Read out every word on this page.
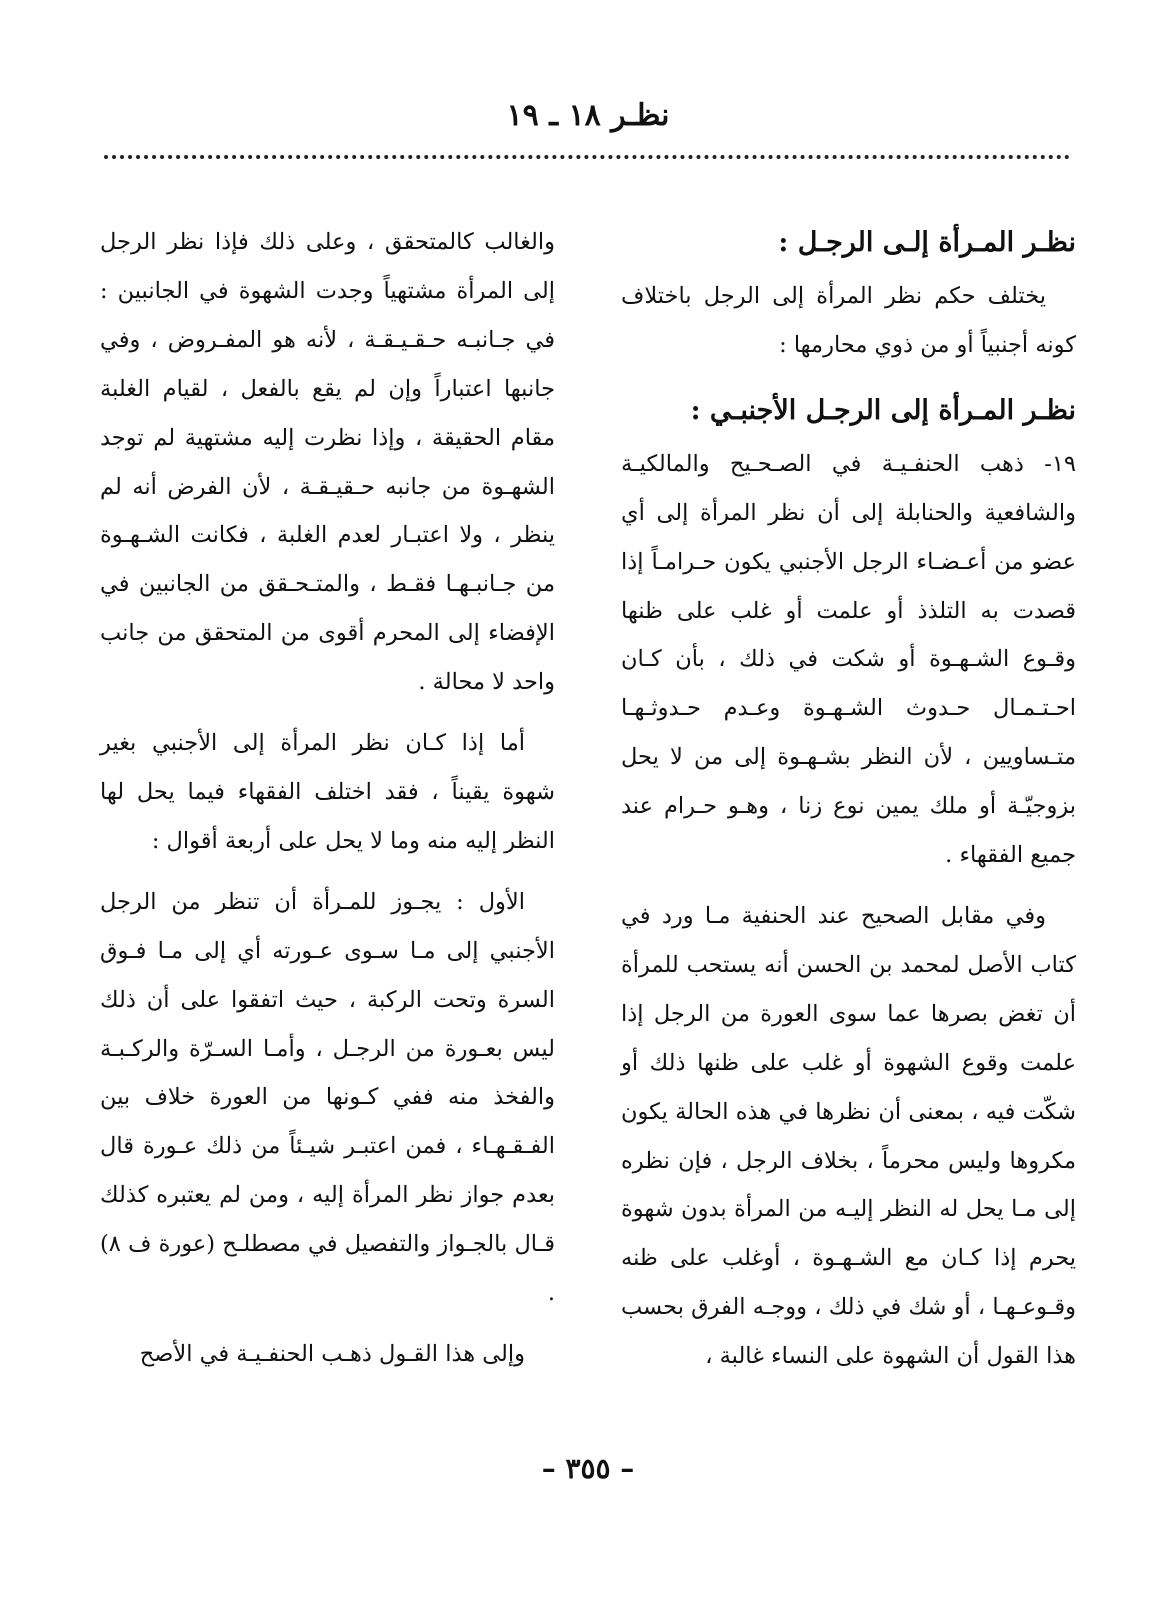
نظـر ١٨ ـ ١٩
نظـر المـرأة إلـى الرجـل :

يختلف حكم نظر المرأة إلى الرجل باختلاف كونه أجنبياً أو من ذوي محارمها :

نظـر المـرأة إلى الرجـل الأجنبـي :

١٩- ذهب الحنفـيـة في الصـحـيح والمالكيـة والشافعية والحنابلة إلى أن نظر المرأة إلى أي عضو من أعـضـاء الرجل الأجنبي يكون حـرامـاً إذا قصدت به التلذذ أو علمت أو غلب على ظنها وقـوع الشـهـوة أو شكت في ذلك ، بأن كـان احـتـمـال حـدوث الشـهـوة وعـدم حـدوثـهـا متـساويين ، لأن النظر بشـهـوة إلى من لا يحل بزوجيّـة أو ملك يمين نوع زنا ، وهـو حـرام عند جميع الفقهاء .

وفي مقابل الصحيح عند الحنفية مـا ورد في كتاب الأصل لمحمد بن الحسن أنه يستحب للمرأة أن تغض بصرها عما سوى العورة من الرجل إذا علمت وقوع الشهوة أو غلب على ظنها ذلك أو شكّت فيه ، بمعنى أن نظرها في هذه الحالة يكون مكروها وليس محرماً ، بخلاف الرجل ، فإن نظره إلى مـا يحل له النظر إليـه من المرأة بدون شهوة يحرم إذا كـان مع الشـهـوة ، أوغلب على ظنه وقـوعـهـا ، أو شك في ذلك ، ووجـه الفرق بحسب هذا القول أن الشهوة على النساء غالبة ،

والغالب كالمتحقق ، وعلى ذلك فإذا نظر الرجل إلى المرأة مشتهياً وجدت الشهوة في الجانبين : في جـانبـه حـقـيـقـة ، لأنه هو المفـروض ، وفي جانبها اعتباراً وإن لم يقع بالفعل ، لقيام الغلبة مقام الحقيقة ، وإذا نظرت إليه مشتهية لم توجد الشهـوة من جانبه حـقيـقـة ، لأن الفرض أنه لم ينظر ، ولا اعتبـار لعدم الغلبة ، فكانت الشـهـوة من جـانبـهـا فقـط ، والمتـحـقق من الجانبين في الإفضاء إلى المحرم أقوى من المتحقق من جانب واحد لا محالة .

أما إذا كـان نظر المرأة إلى الأجنبي بغير شهوة يقيناً ، فقد اختلف الفقهاء فيما يحل لها النظر إليه منه وما لا يحل على أربعة أقوال :

الأول : يجـوز للمـرأة أن تنظر من الرجل الأجنبي إلى مـا سـوى عـورته أي إلى مـا فـوق السرة وتحت الركبة ، حيث اتفقوا على أن ذلك ليس بعـورة من الرجـل ، وأمـا السـرّة والركـبـة والفخذ منه ففي كـونها من العورة خلاف بين الفـقـهـاء ، فمن اعتبـر شيـئاً من ذلك عـورة قال بعدم جواز نظر المرأة إليه ، ومن لم يعتبره كذلك قـال بالجـواز والتفصيل في مصطلـح (عورة ف ٨) .

وإلى هذا القـول ذهـب الحنفـيـة في الأصح

– ٣٥٥ –
